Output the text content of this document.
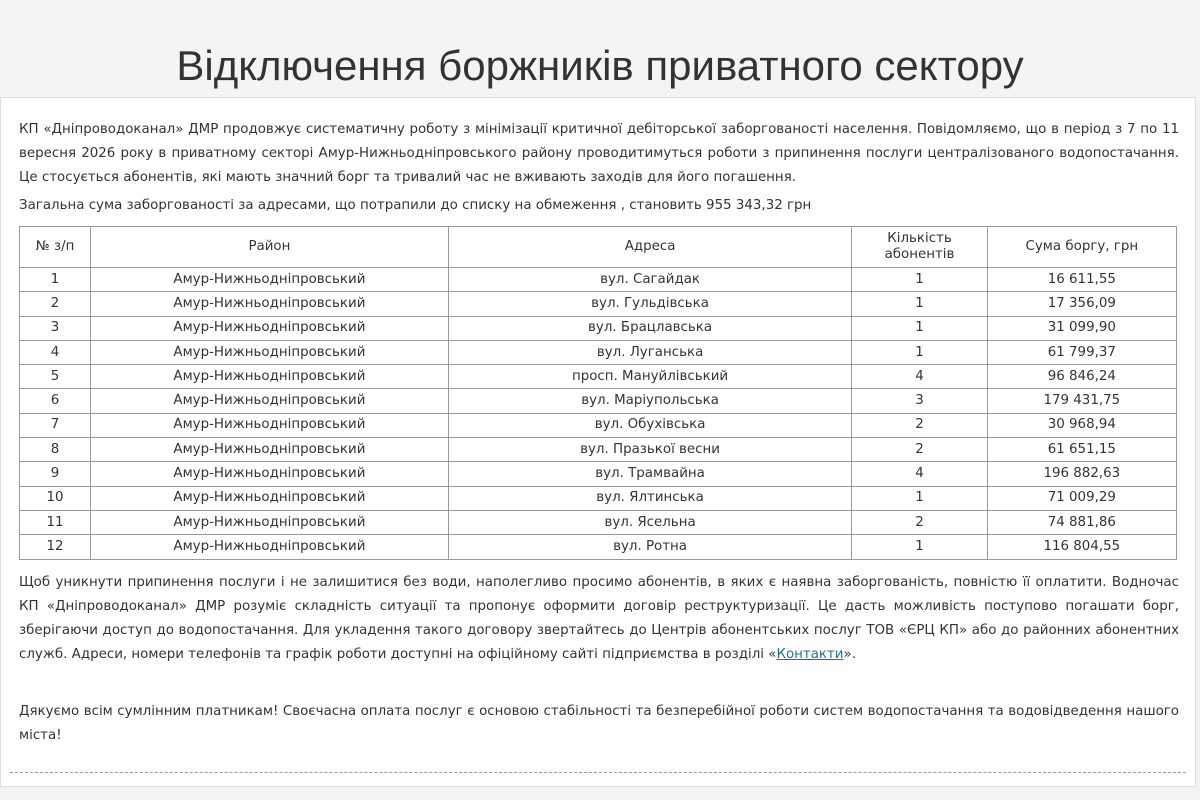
Відключення боржників приватного сектору

КП «Дніпроводоканал» ДМР продовжує систематичну роботу з мінімізації критичної дебіторської заборгованості населення. Повідомляємо, що в період з 7 по 11 вересня 2026 року в приватному секторі Амур-Нижньодніпровського району проводитимуться роботи з припинення послуги централізованого водопостачання. Це стосується абонентів, які мають значний борг та тривалий час не вживають заходів для його погашення.

Загальна сума заборгованості за адресами, що потрапили до списку на обмеження , становить 955 343,32 грн

№ з/п	Район	Адреса	Кількість абонентів	Сума боргу, грн
1	Амур-Нижньодніпровський	вул. Сагайдак	1	16 611,55
2	Амур-Нижньодніпровський	вул. Гульдівська	1	17 356,09
3	Амур-Нижньодніпровський	вул. Брацлавська	1	31 099,90
4	Амур-Нижньодніпровський	вул. Луганська	1	61 799,37
5	Амур-Нижньодніпровський	просп. Мануйлівський	4	96 846,24
6	Амур-Нижньодніпровський	вул. Маріупольська	3	179 431,75
7	Амур-Нижньодніпровський	вул. Обухівська	2	30 968,94
8	Амур-Нижньодніпровський	вул. Празької весни	2	61 651,15
9	Амур-Нижньодніпровський	вул. Трамвайна	4	196 882,63
10	Амур-Нижньодніпровський	вул. Ялтинська	1	71 009,29
11	Амур-Нижньодніпровський	вул. Ясельна	2	74 881,86
12	Амур-Нижньодніпровський	вул. Ротна	1	116 804,55

Щоб уникнути припинення послуги і не залишитися без води, наполегливо просимо абонентів, в яких є наявна заборгованість, повністю її оплатити. Водночас КП «Дніпроводоканал» ДМР розуміє складність ситуації та пропонує оформити договір реструктуризації. Це дасть можливість поступово погашати борг, зберігаючи доступ до водопостачання. Для укладення такого договору звертайтесь до Центрів абонентських послуг ТОВ «ЄРЦ КП» або до районних абонентних служб. Адреси, номери телефонів та графік роботи доступні на офіційному сайті підприємства в розділі «Контакти».

Дякуємо всім сумлінним платникам! Своєчасна оплата послуг є основою стабільності та безперебійної роботи систем водопостачання та водовідведення нашого міста!
